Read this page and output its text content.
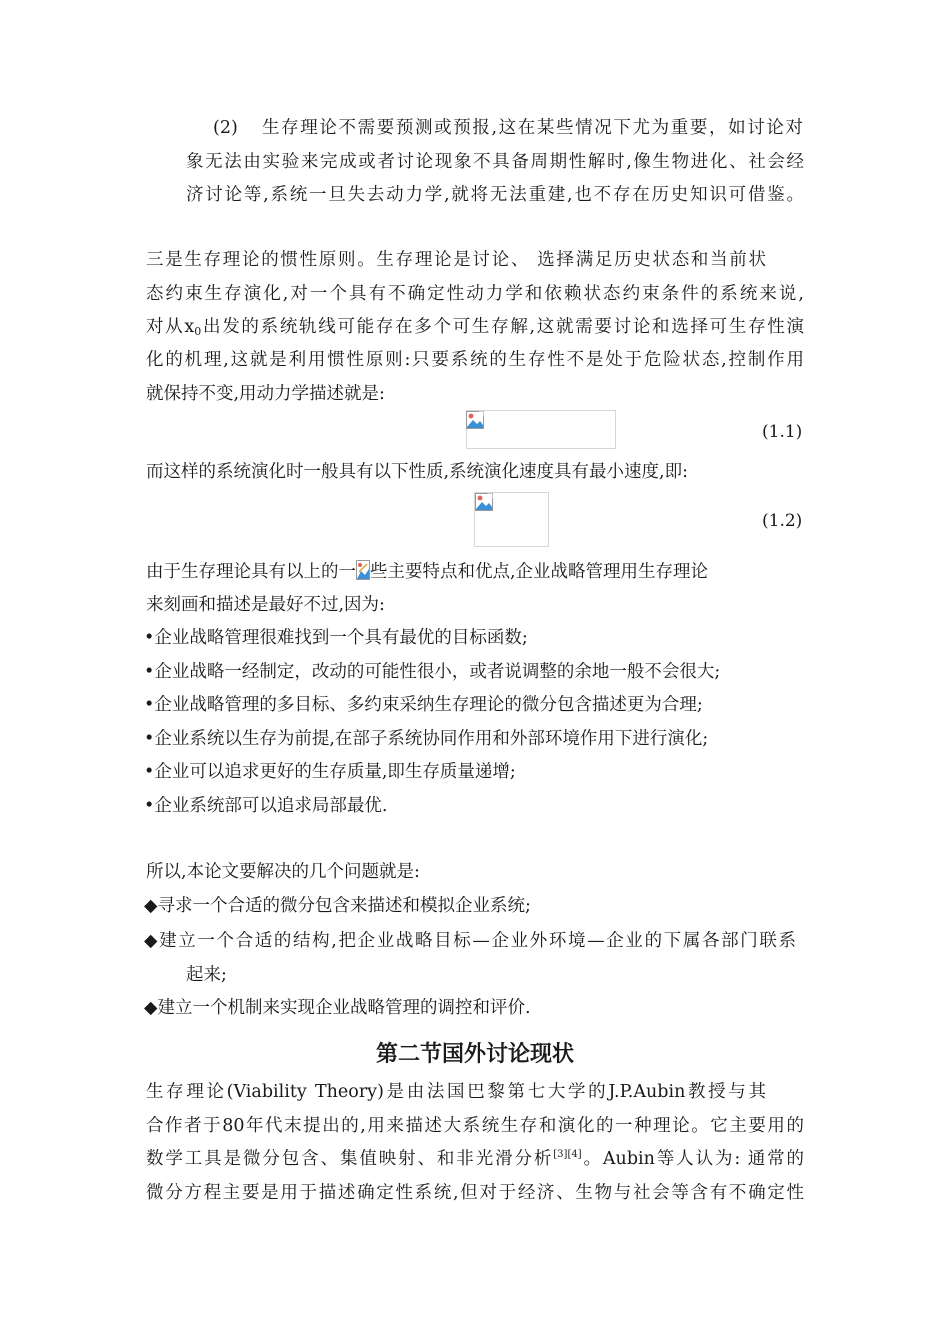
(2) 生存理论不需要预测或预报,这在某些情况下尤为重要，如讨论对
象无法由实验来完成或者讨论现象不具备周期性解时,像生物进化、社会经
济讨论等,系统一旦失去动力学,就将无法重建,也不存在历史知识可借鉴。
三是生存理论的惯性原则。生存理论是讨论、 选择满足历史状态和当前状
态约束生存演化,对一个具有不确定性动力学和依赖状态约束条件的系统来说,
对从$x_0$出发的系统轨线可能存在多个可生存解,这就需要讨论和选择可生存性演
化的机理,这就是利用惯性原则:只要系统的生存性不是处于危险状态,控制作用
就保持不变,用动力学描述就是:
(1.1)
而这样的系统演化时一般具有以下性质,系统演化速度具有最小速度,即:
(1.2)
由于生存理论具有以上的一 些主要特点和优点,企业战略管理用生存理论
来刻画和描述是最好不过,因为:
•企业战略管理很难找到一个具有最优的目标函数;
•企业战略一经制定，改动的可能性很小，或者说调整的余地一般不会很大;
•企业战略管理的多目标、多约束采纳生存理论的微分包含描述更为合理;
•企业系统以生存为前提,在部子系统协同作用和外部环境作用下进行演化;
•企业可以追求更好的生存质量,即生存质量递增;
•企业系统部可以追求局部最优.
所以,本论文要解决的几个问题就是:
◆寻求一个合适的微分包含来描述和模拟企业系统;
◆建立一个合适的结构,把企业战略目标—企业外环境—企业的下属各部门联系
起来;
◆建立一个机制来实现企业战略管理的调控和评价.
第二节国外讨论现状
生存理论(Viability Theory)是由法国巴黎第七大学的J.P.Aubin教授与其
合作者于80年代末提出的,用来描述大系统生存和演化的一种理论。它主要用的
数学工具是微分包含、集值映射、和非光滑分析[3][4]。Aubin等人认为: 通常的
微分方程主要是用于描述确定性系统,但对于经济、生物与社会等含有不确定性
